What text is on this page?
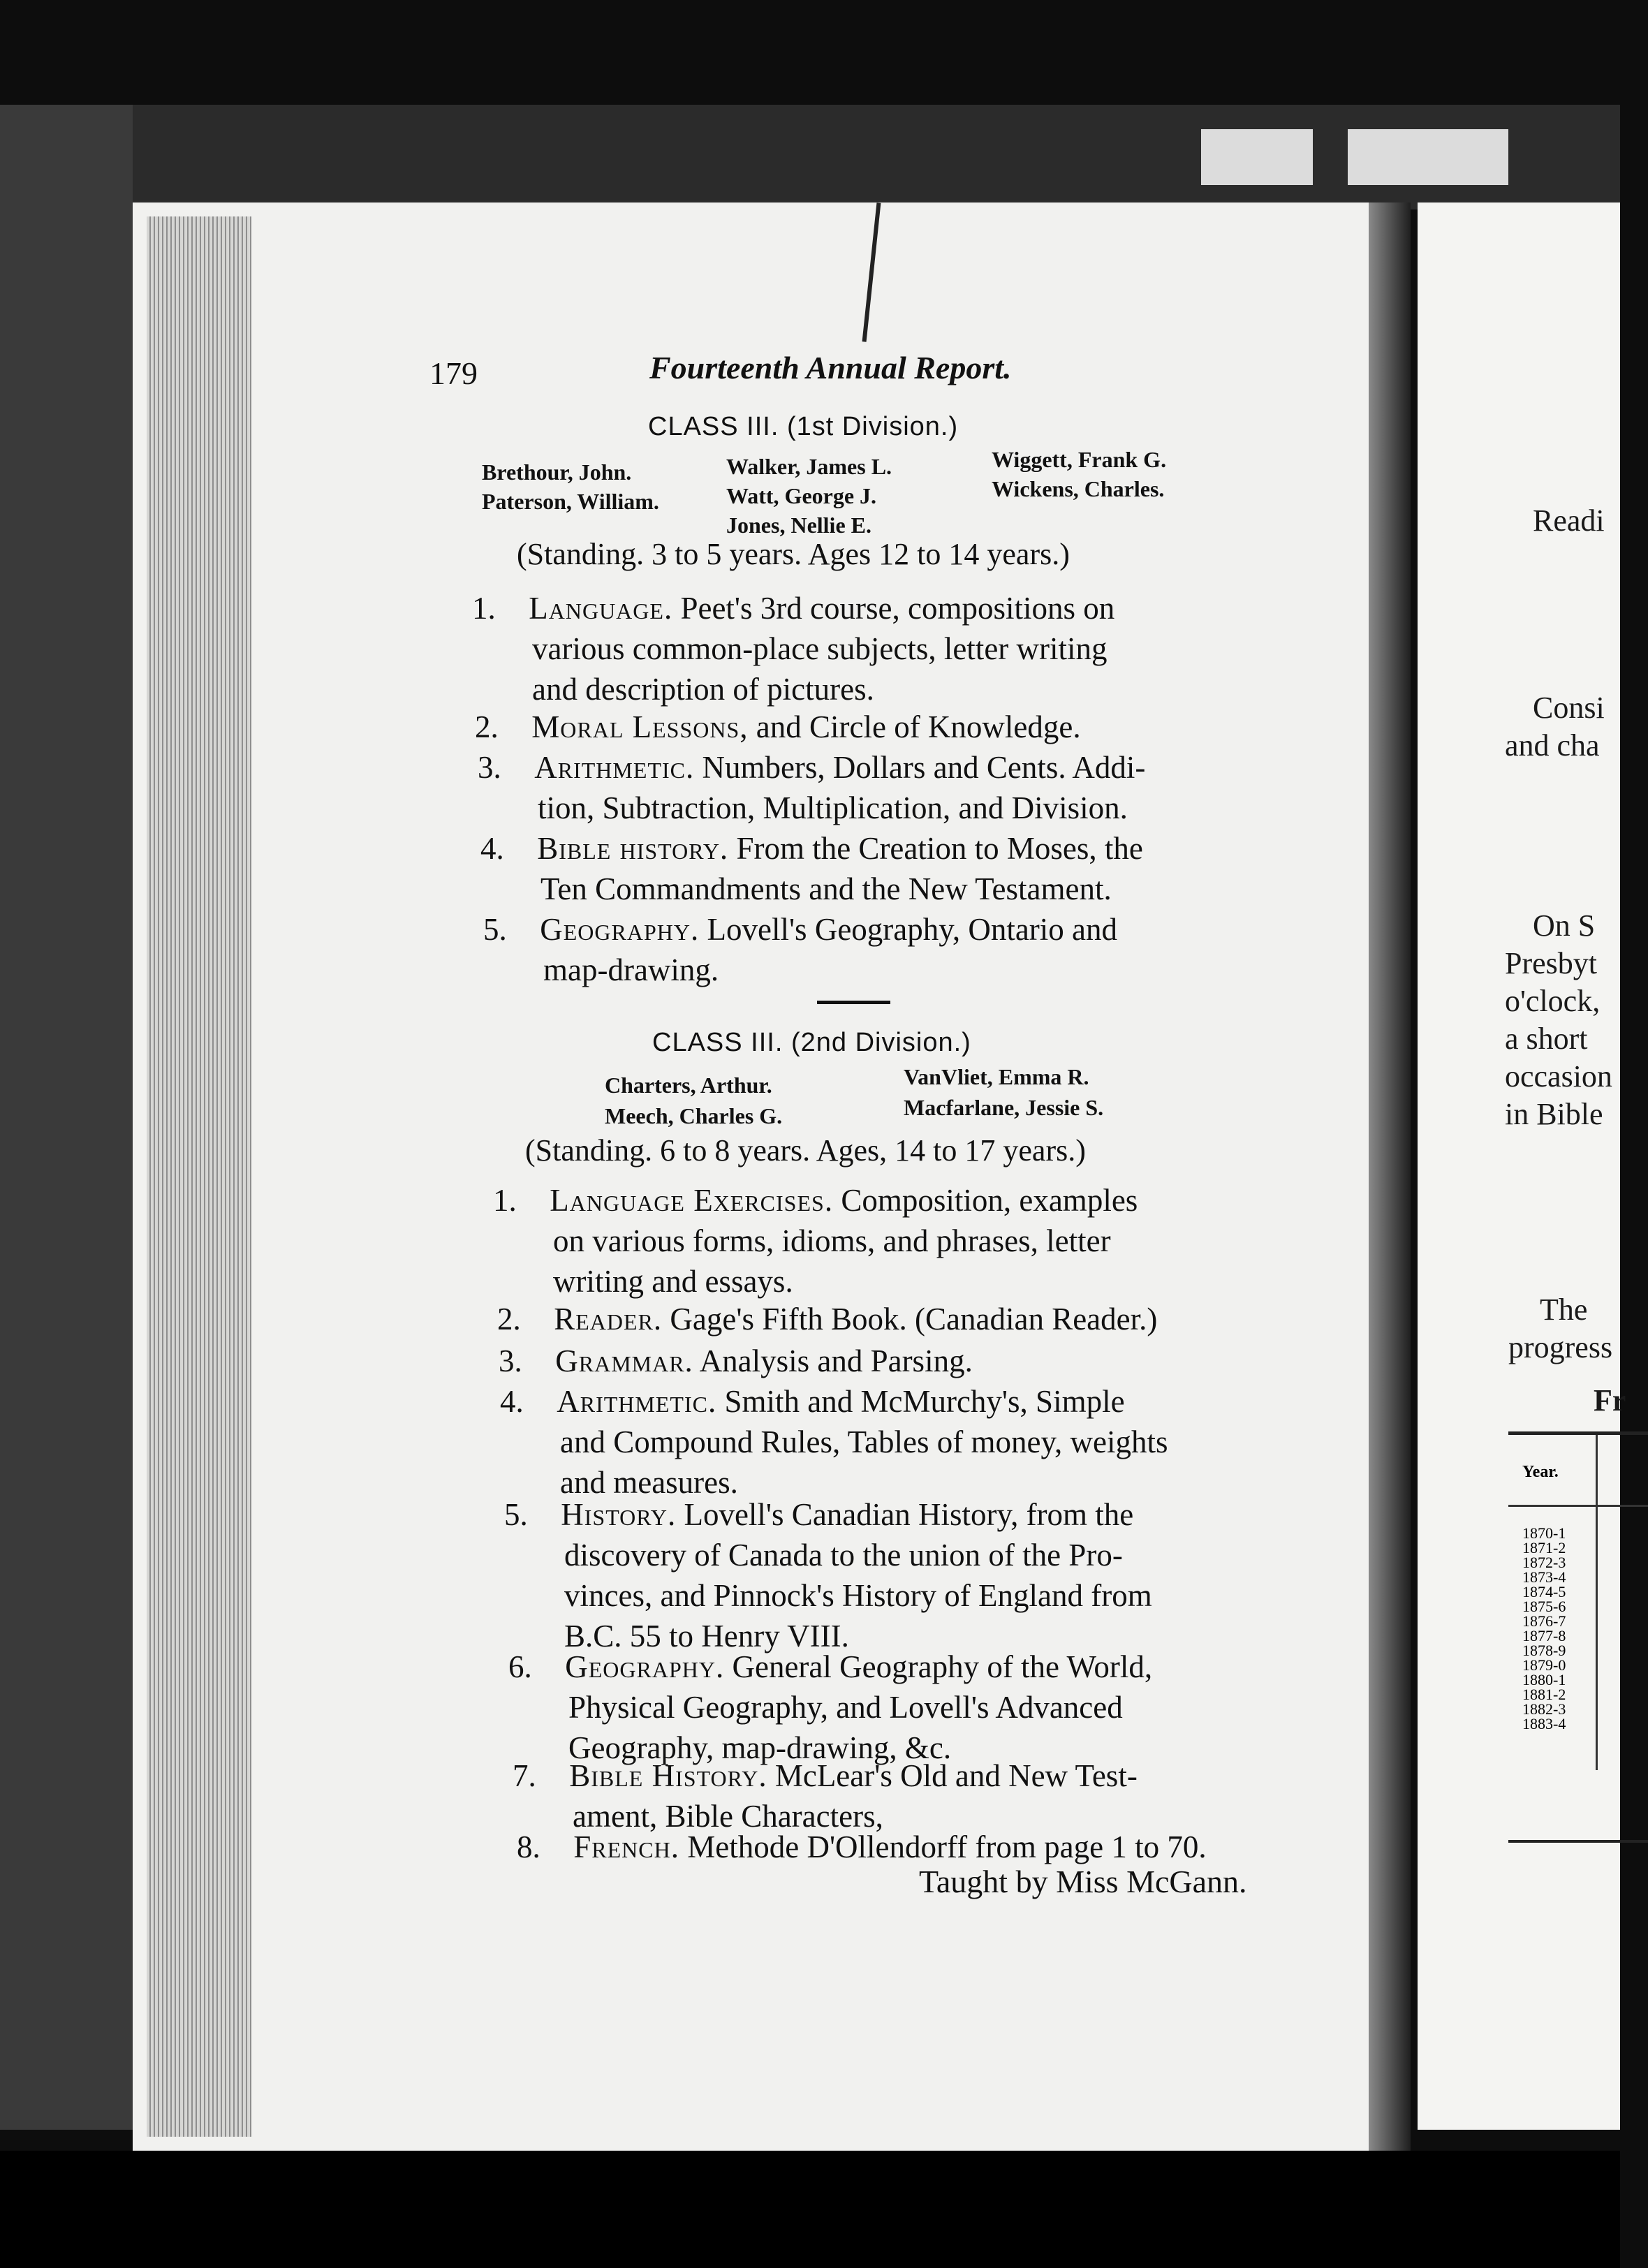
179	Fourteenth Annual Report.
CLASS III. (1st Division.)
Brethour, John.
Paterson, William.
Walker, James L.
Watt, George J.
Jones, Nellie E.
Wiggett, Frank G.
Wickens, Charles.
(Standing. 3 to 5 years. Ages 12 to 14 years.)
1. Language. Peet's 3rd course, compositions on
various common-place subjects, letter writing
and description of pictures.
2. Moral Lessons, and Circle of Knowledge.
3. Arithmetic. Numbers, Dollars and Cents. Addi-
tion, Subtraction, Multiplication, and Division.
4. Bible history. From the Creation to Moses, the
Ten Commandments and the New Testament.
5. Geography. Lovell's Geography, Ontario and
map-drawing.
CLASS III. (2nd Division.)
Charters, Arthur.
Meech, Charles G.
VanVliet, Emma R.
Macfarlane, Jessie S.
(Standing. 6 to 8 years. Ages, 14 to 17 years.)
1. Language Exercises. Composition, examples
on various forms, idioms, and phrases, letter
writing and essays.
2. Reader. Gage's Fifth Book. (Canadian Reader.)
3. Grammar. Analysis and Parsing.
4. Arithmetic. Smith and McMurchy's, Simple
and Compound Rules, Tables of money, weights
and measures.
5. History. Lovell's Canadian History, from the
discovery of Canada to the union of the Pro-
vinces, and Pinnock's History of England from
B.C. 55 to Henry VIII.
6. Geography. General Geography of the World,
Physical Geography, and Lovell's Advanced
Geography, map-drawing, &c.
7. Bible History. McLear's Old and New Test-
ament, Bible Characters,
8. French. Methode D'Ollendorff from page 1 to 70.
Taught by Miss McGann.
Readi
Consi
and cha
On S
Presbyt
o'clock,
a short
occasion
in Bible
The
progress
Fr
Year.
1870-1
1871-2
1872-3
1873-4
1874-5
1875-6
1876-7
1877-8
1878-9
1879-0
1880-1
1881-2
1882-3
1883-4
